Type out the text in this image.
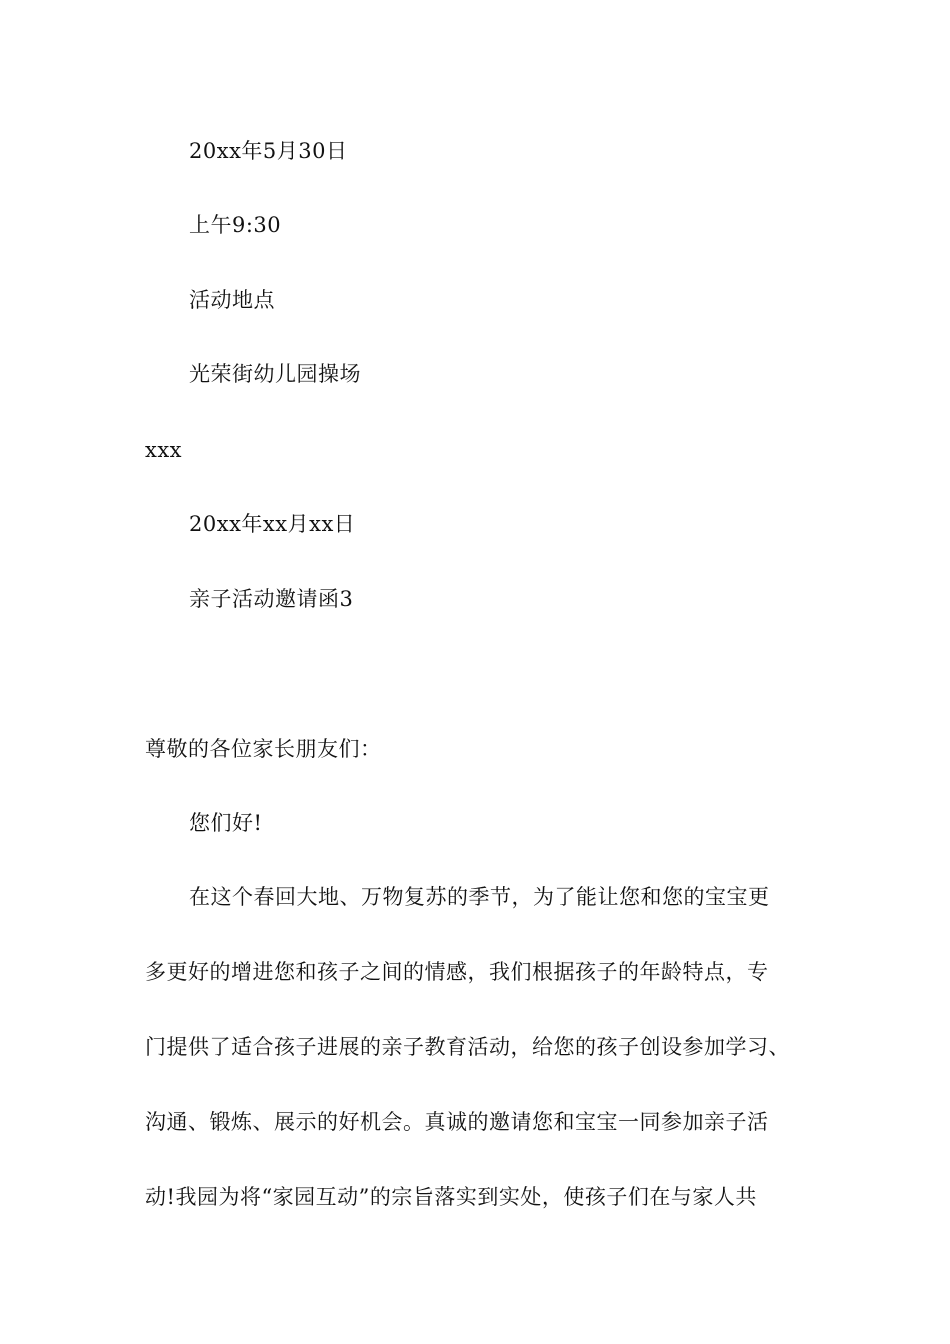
20xx年5月30日
上午9:30
活动地点
光荣街幼儿园操场
xxx
20xx年xx月xx日
亲子活动邀请函3
尊敬的各位家长朋友们：
您们好!
在这个春回大地、万物复苏的季节，为了能让您和您的宝宝更
多更好的增进您和孩子之间的情感，我们根据孩子的年龄特点，专
门提供了适合孩子进展的亲子教育活动，给您的孩子创设参加学习、
沟通、锻炼、展示的好机会。真诚的邀请您和宝宝一同参加亲子活
动!我园为将“家园互动”的宗旨落实到实处，使孩子们在与家人共
